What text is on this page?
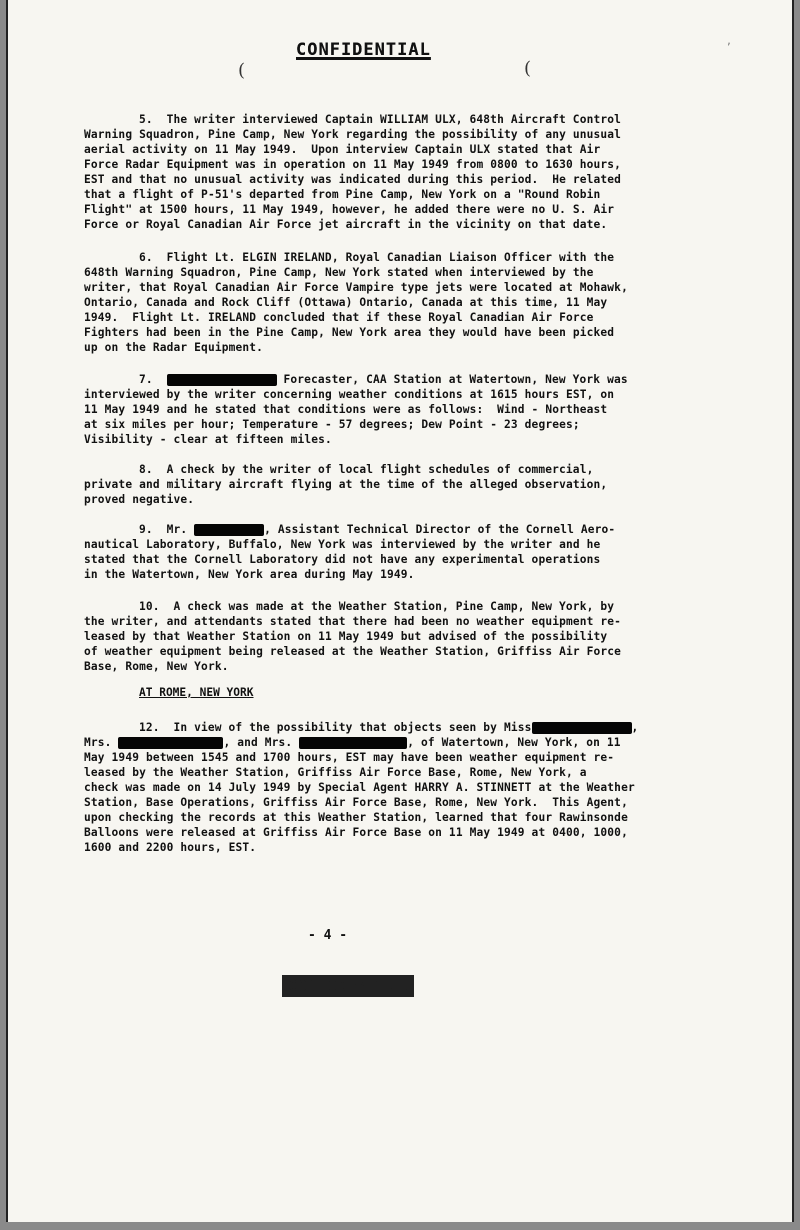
CONFIDENTIAL
(	(
,
5. The writer interviewed Captain WILLIAM ULX, 648th Aircraft Control
Warning Squadron, Pine Camp, New York regarding the possibility of any unusual
aerial activity on 11 May 1949.  Upon interview Captain ULX stated that Air
Force Radar Equipment was in operation on 11 May 1949 from 0800 to 1630 hours,
EST and that no unusual activity was indicated during this period.  He related
that a flight of P-51's departed from Pine Camp, New York on a "Round Robin
Flight" at 1500 hours, 11 May 1949, however, he added there were no U. S. Air
Force or Royal Canadian Air Force jet aircraft in the vicinity on that date.
6. Flight Lt. ELGIN IRELAND, Royal Canadian Liaison Officer with the
648th Warning Squadron, Pine Camp, New York stated when interviewed by the
writer, that Royal Canadian Air Force Vampire type jets were located at Mohawk,
Ontario, Canada and Rock Cliff (Ottawa) Ontario, Canada at this time, 11 May
1949.  Flight Lt. IRELAND concluded that if these Royal Canadian Air Force
Fighters had been in the Pine Camp, New York area they would have been picked
up on the Radar Equipment.
7.	Forecaster, CAA Station at Watertown, New York was
interviewed by the writer concerning weather conditions at 1615 hours EST, on
11 May 1949 and he stated that conditions were as follows:  Wind - Northeast
at six miles per hour; Temperature - 57 degrees; Dew Point - 23 degrees;
Visibility - clear at fifteen miles.
8. A check by the writer of local flight schedules of commercial,
private and military aircraft flying at the time of the alleged observation,
proved negative.
9. Mr.	, Assistant Technical Director of the Cornell Aero-
nautical Laboratory, Buffalo, New York was interviewed by the writer and he
stated that the Cornell Laboratory did not have any experimental operations
in the Watertown, New York area during May 1949.
10. A check was made at the Weather Station, Pine Camp, New York, by
the writer, and attendants stated that there had been no weather equipment re-
leased by that Weather Station on 11 May 1949 but advised of the possibility
of weather equipment being released at the Weather Station, Griffiss Air Force
Base, Rome, New York.
AT ROME, NEW YORK
12. In view of the possibility that objects seen by Miss	,
Mrs.	, and Mrs.	, of Watertown, New York, on 11
May 1949 between 1545 and 1700 hours, EST may have been weather equipment re-
leased by the Weather Station, Griffiss Air Force Base, Rome, New York, a
check was made on 14 July 1949 by Special Agent HARRY A. STINNETT at the Weather
Station, Base Operations, Griffiss Air Force Base, Rome, New York.  This Agent,
upon checking the records at this Weather Station, learned that four Rawinsonde
Balloons were released at Griffiss Air Force Base on 11 May 1949 at 0400, 1000,
1600 and 2200 hours, EST.
- 4 -
CONFIDENTIAL
